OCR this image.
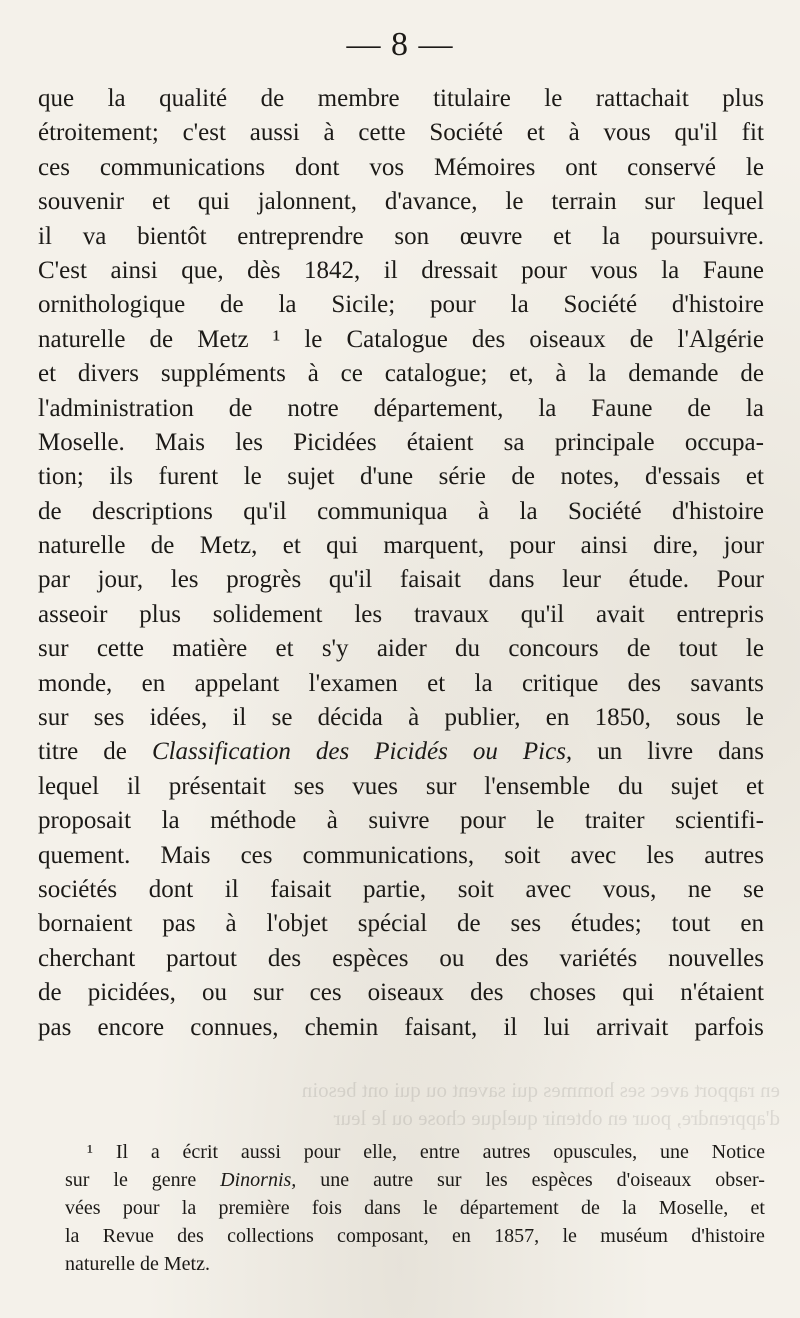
— 8 —
en rapport avec ses hommes qui savent ou qui ont besoin
d'apprendre, pour en obtenir quelque chose ou le leur
que la qualité de membre titulaire le rattachait plus
étroitement; c'est aussi à cette Société et à vous qu'il fit
ces communications dont vos Mémoires ont conservé le
souvenir et qui jalonnent, d'avance, le terrain sur lequel
il va bientôt entreprendre son œuvre et la poursuivre.
C'est ainsi que, dès 1842, il dressait pour vous la Faune
ornithologique de la Sicile; pour la Société d'histoire
naturelle de Metz ¹ le Catalogue des oiseaux de l'Algérie
et divers suppléments à ce catalogue; et, à la demande de
l'administration de notre département, la Faune de la
Moselle. Mais les Picidées étaient sa principale occupa-
tion; ils furent le sujet d'une série de notes, d'essais et
de descriptions qu'il communiqua à la Société d'histoire
naturelle de Metz, et qui marquent, pour ainsi dire, jour
par jour, les progrès qu'il faisait dans leur étude. Pour
asseoir plus solidement les travaux qu'il avait entrepris
sur cette matière et s'y aider du concours de tout le
monde, en appelant l'examen et la critique des savants
sur ses idées, il se décida à publier, en 1850, sous le
titre de Classification des Picidés ou Pics, un livre dans
lequel il présentait ses vues sur l'ensemble du sujet et
proposait la méthode à suivre pour le traiter scientifi-
quement. Mais ces communications, soit avec les autres
sociétés dont il faisait partie, soit avec vous, ne se
bornaient pas à l'objet spécial de ses études; tout en
cherchant partout des espèces ou des variétés nouvelles
de picidées, ou sur ces oiseaux des choses qui n'étaient
pas encore connues, chemin faisant, il lui arrivait parfois
¹ Il a écrit aussi pour elle, entre autres opuscules, une Notice
sur le genre Dinornis, une autre sur les espèces d'oiseaux obser-
vées pour la première fois dans le département de la Moselle, et
la Revue des collections composant, en 1857, le muséum d'histoire
naturelle
de
Metz.
